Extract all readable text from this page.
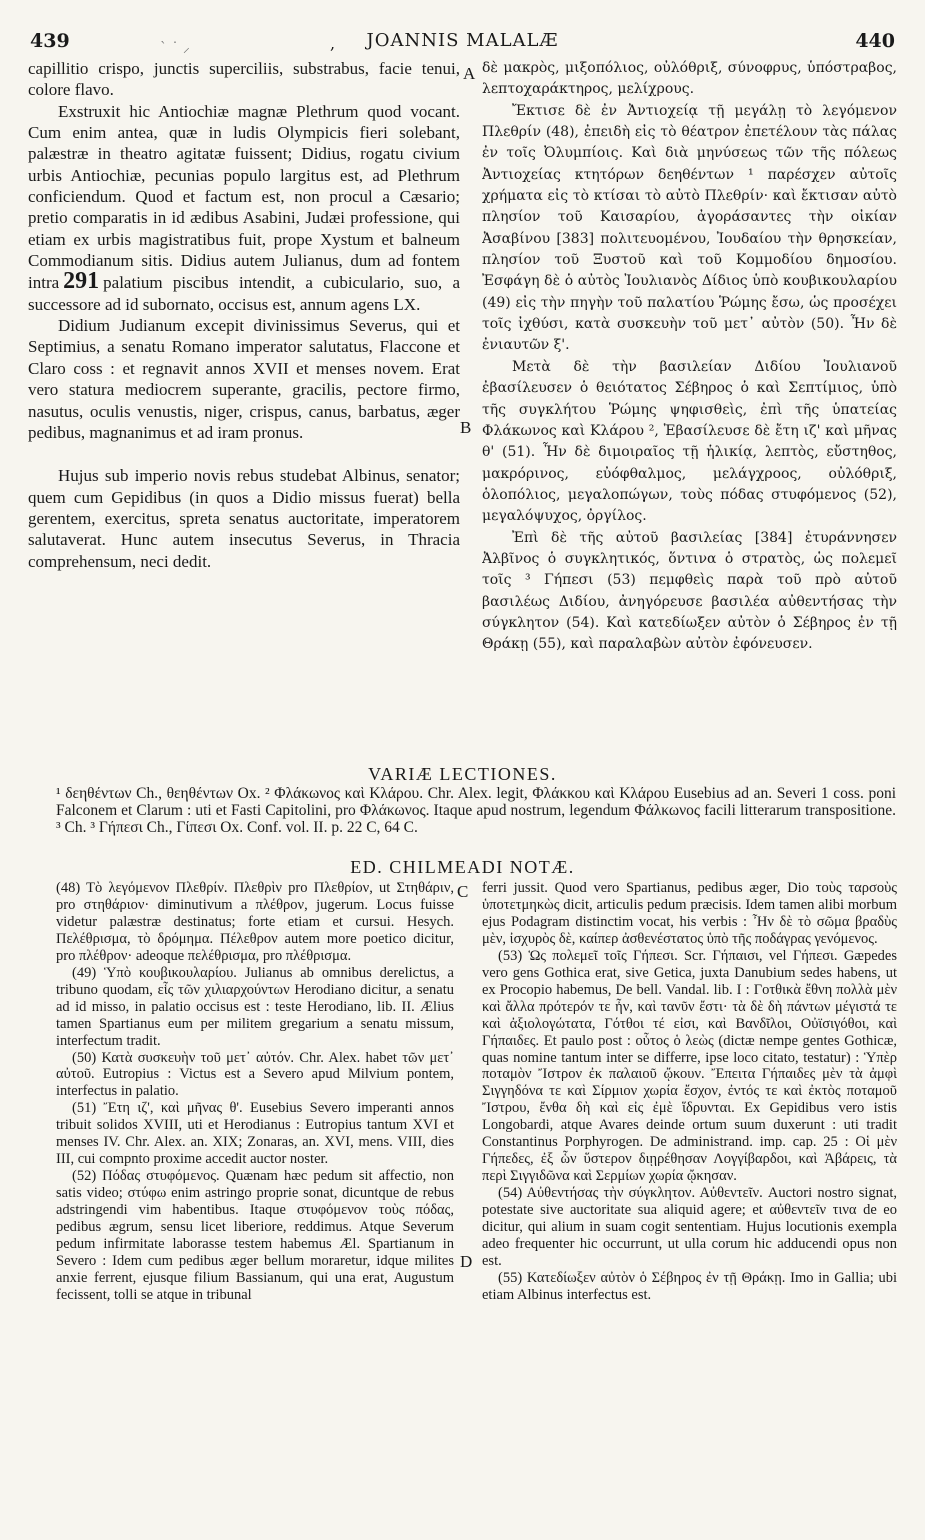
439	ˋ ˙ ⸝	,	JOANNIS MALALÆ	440

capillitio crispo, junctis superciliis, substrabus, facie tenui, colore flavo.

Exstruxit hic Antiochiæ magnæ Plethrum quod vocant. Cum enim antea, quæ in ludis Olympicis fieri solebant, palæstræ in theatro agitatæ fuissent; Didius, rogatu civium urbis Antiochiæ, pecunias populo largitus est, ad Plethrum conficiendum. Quod et factum est, non procul a Cæsario; pretio comparatis in id ædibus Asabini, Judæi professione, qui etiam ex urbis magistratibus fuit, prope Xystum et balneum Commodianum sitis. Didius autem Julianus, dum ad fontem intra 291 palatium piscibus intendit, a cubiculario, suo, a successore ad id subornato, occisus est, annum agens LX.

Didium Judianum excepit divinissimus Severus, qui et Septimius, a senatu Romano imperator salutatus, Flaccone et Claro coss : et regnavit annos XVII et menses novem. Erat vero statura mediocrem superante, gracilis, pectore firmo, nasutus, oculis venustis, niger, crispus, canus, barbatus, æger pedibus, magnanimus et ad iram pronus.

Hujus sub imperio novis rebus studebat Albinus, senator; quem cum Gepidibus (in quos a Didio missus fuerat) bella gerentem, exercitus, spreta senatus auctoritate, imperatorem salutaverat. Hunc autem insecutus Severus, in Thracia comprehensum, neci dedit.

A
B

δὲ μακρὸς, μιξοπόλιος, οὐλόθριξ, σύνοφρυς, ὑπόστραβος, λεπτοχαράκτηρος, μελίχρους.

Ἔκτισε δὲ ἐν Ἀντιοχείᾳ τῇ μεγάλῃ τὸ λεγόμενον Πλεθρίν (48), ἐπειδὴ εἰς τὸ θέατρον ἐπετέλουν τὰς πάλας ἐν τοῖς Ὀλυμπίοις. Καὶ διὰ μηνύσεως τῶν τῆς πόλεως Ἀντιοχείας κτητόρων δεηθέντων ¹ παρέσχεν αὐτοῖς χρήματα εἰς τὸ κτίσαι τὸ αὐτὸ Πλεθρίν· καὶ ἔκτισαν αὐτὸ πλησίον τοῦ Καισαρίου, ἀγοράσαντες τὴν οἰκίαν Ἀσαβίνου [383] πολιτευομένου, Ἰουδαίου τὴν θρησκείαν, πλησίον τοῦ Ξυστοῦ καὶ τοῦ Κομμοδίου δημοσίου. Ἐσφάγη δὲ ὁ αὐτὸς Ἰουλιανὸς Δίδιος ὑπὸ κουβικουλαρίου (49) εἰς τὴν πηγὴν τοῦ παλατίου Ῥώμης ἔσω, ὡς προσέχει τοῖς ἰχθύσι, κατὰ συσκευὴν τοῦ μετ᾽ αὐτὸν (50). Ἦν δὲ ἐνιαυτῶν ξ'.

Μετὰ δὲ τὴν βασιλείαν Διδίου Ἰουλιανοῦ ἐβασίλευσεν ὁ θειότατος Σέβηρος ὁ καὶ Σεπτίμιος, ὑπὸ τῆς συγκλήτου Ῥώμης ψηφισθεὶς, ἐπὶ τῆς ὑπατείας Φλάκωνος καὶ Κλάρου ², Ἐβασίλευσε δὲ ἔτη ιζ' καὶ μῆνας θ' (51). Ἦν δὲ διμοιραῖος τῇ ἡλικίᾳ, λεπτὸς, εὔστηθος, μακρόρινος, εὐόφθαλμος, μελάγχροος, οὐλόθριξ, ὁλοπόλιος, μεγαλοπώγων, τοὺς πόδας στυφόμενος (52), μεγαλόψυχος, ὀργίλος.

Ἐπὶ δὲ τῆς αὐτοῦ βασιλείας [384] ἐτυράννησεν Ἀλβῖνος ὁ συγκλητικός, ὅντινα ὁ στρατὸς, ὡς πολεμεῖ τοῖς ³ Γήπεσι (53) πεμφθεὶς παρὰ τοῦ πρὸ αὐτοῦ βασιλέως Διδίου, ἀνηγόρευσε βασιλέα αὐθεντήσας τὴν σύγκλητον (54). Καὶ κατεδίωξεν αὐτὸν ὁ Σέβηρος ἐν τῇ Θράκῃ (55), καὶ παραλαβὼν αὐτὸν ἐφόνευσεν.

VARIÆ LECTIONES.
¹ δεηθέντων Ch., θεηθέντων Ox. ² Φλάκωνος καὶ Κλάρου. Chr. Alex. legit, Φλάκκου καὶ Κλάρου Eusebius ad an. Severi 1 coss. poni Falconem et Clarum : uti et Fasti Capitolini, pro Φλάκωνος. Itaque apud nostrum, legendum Φάλκωνος facili litterarum transpositione. ³ Ch. ³ Γήπεσι Ch., Γίπεσι Ox. Conf. vol. II. p. 22 C, 64 C.
ED. CHILMEADI NOTÆ.
C
D

(48) Τὸ λεγόμενον Πλεθρίν. Πλεθρὶν pro Πλεθρίον, ut Στηθάριν, pro στηθάριον· diminutivum a πλέθρον, jugerum. Locus fuisse videtur palæstræ destinatus; forte etiam et cursui. Hesych. Πελέθρισμα, τὸ δρόμημα. Πέλεθρον autem more poetico dicitur, pro πλέθρον· adeoque πελέθρισμα, pro πλέθρισμα.

(49) Ὑπὸ κουβικουλαρίου. Julianus ab omnibus derelictus, a tribuno quodam, εἷς τῶν χιλιαρχούντων Herodiano dicitur, a senatu ad id misso, in palatio occisus est : teste Herodiano, lib. II. Ælius tamen Spartianus eum per militem gregarium a senatu missum, interfectum tradit.

(50) Κατὰ συσκευὴν τοῦ μετ᾽ αὐτόν. Chr. Alex. habet τῶν μετ᾽ αὐτοῦ. Eutropius : Victus est a Severo apud Milvium pontem, interfectus in palatio.

(51) Ἔτη ιζ', καὶ μῆνας θ'. Eusebius Severo imperanti annos tribuit solidos XVIII, uti et Herodianus : Eutropius tantum XVI et menses IV. Chr. Alex. an. XIX; Zonaras, an. XVI, mens. VIII, dies III, cui compnto proxime accedit auctor noster.

(52) Πόδας στυφόμενος. Quænam hæc pedum sit affectio, non satis video; στύφω enim astringo proprie sonat, dicuntque de rebus adstringendi vim habentibus. Itaque στυφόμενον τοὺς πόδας, pedibus ægrum, sensu licet liberiore, reddimus. Atque Severum pedum infirmitate laborasse testem habemus Æl. Spartianum in Severo : Idem cum pedibus æger bellum moraretur, idque milites anxie ferrent, ejusque filium Bassianum, qui una erat, Augustum fecissent, tolli se atque in tribunal

ferri jussit. Quod vero Spartianus, pedibus æger, Dio τοὺς ταρσοὺς ὑποτετμηκὼς dicit, articulis pedum præcisis. Idem tamen alibi morbum ejus Podagram distinctim vocat, his verbis : Ἦν δὲ τὸ σῶμα βραδὺς μὲν, ἰσχυρὸς δὲ, καίπερ ἀσθενέστατος ὑπὸ τῆς ποδάγρας γενόμενος.

(53) Ὡς πολεμεῖ τοῖς Γήπεσι. Scr. Γήπαισι, vel Γήπεσι. Gæpedes vero gens Gothica erat, sive Getica, juxta Danubium sedes habens, ut ex Procopio habemus, De bell. Vandal. lib. I : Γοτθικὰ ἔθνη πολλὰ μὲν καὶ ἄλλα πρότερόν τε ἦν, καὶ τανῦν ἔστι· τὰ δὲ δὴ πάντων μέγιστά τε καὶ ἀξιολογώτατα, Γότθοι τέ εἰσι, καὶ Βανδῖλοι, Οὐϊσιγόθοι, καὶ Γήπαιδες. Et paulo post : οὗτος ὁ λεὼς (dictæ nempe gentes Gothicæ, quas nomine tantum inter se differre, ipse loco citato, testatur) : Ὑπὲρ ποταμὸν Ἴστρον ἐκ παλαιοῦ ᾤκουν. Ἔπειτα Γήπαιδες μὲν τὰ ἀμφὶ Σιγγηδόνα τε καὶ Σίρμιον χωρία ἔσχον, ἐντός τε καὶ ἐκτὸς ποταμοῦ Ἴστρου, ἔνθα δὴ καὶ εἰς ἐμὲ ἵδρυνται. Ex Gepidibus vero istis Longobardi, atque Avares deinde ortum suum duxerunt : uti tradit Constantinus Porphyrogen. De administrand. imp. cap. 25 : Οἱ μὲν Γήπεδες, ἐξ ὧν ὕστερον διῃρέθησαν Λογγίβαρδοι, καὶ Ἀβάρεις, τὰ περὶ Σιγγιδῶνα καὶ Σερμίων χωρία ᾤκησαν.

(54) Αὐθεντήσας τὴν σύγκλητον. Αὐθεντεῖν. Auctori nostro signat, potestate sive auctoritate sua aliquid agere; et αὐθεντεῖν τινα de eo dicitur, qui alium in suam cogit sententiam. Hujus locutionis exempla adeo frequenter hic occurrunt, ut ulla corum hic adducendi opus non est.

(55) Κατεδίωξεν αὐτὸν ὁ Σέβηρος ἐν τῇ Θράκῃ. Imo in Gallia; ubi etiam Albinus interfectus est.
